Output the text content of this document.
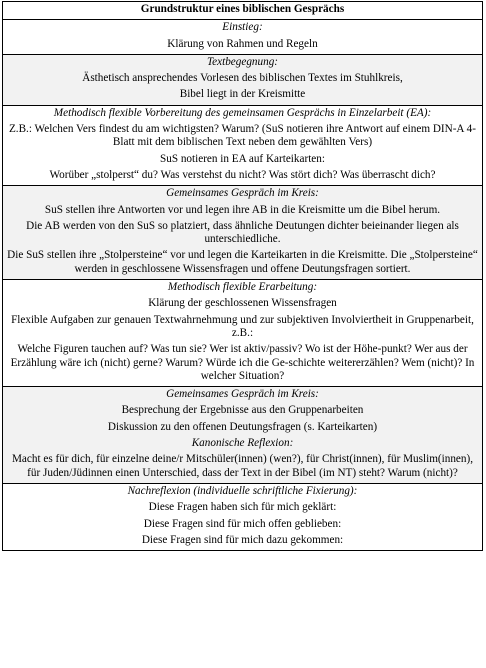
Grundstruktur eines biblischen Gesprächs

Einstieg:

Klärung von Rahmen und Regeln

Textbegegnung:

Ästhetisch ansprechendes Vorlesen des biblischen Textes im Stuhlkreis,

Bibel liegt in der Kreismitte

Methodisch flexible Vorbereitung des gemeinsamen Gesprächs in Einzelarbeit (EA):

Z.B.: Welchen Vers findest du am wichtigsten? Warum? (SuS notieren ihre Antwort auf einem DIN-A 4-Blatt mit dem biblischen Text neben dem gewählten Vers)

SuS notieren in EA auf Karteikarten:

Worüber „stolperst“ du? Was verstehst du nicht? Was stört dich? Was überrascht dich?

Gemeinsames Gespräch im Kreis:

SuS stellen ihre Antworten vor und legen ihre AB in die Kreismitte um die Bibel herum.

Die AB werden von den SuS so platziert, dass ähnliche Deutungen dichter beieinander liegen als unterschiedliche.

Die SuS stellen ihre „Stolpersteine“ vor und legen die Karteikarten in die Kreismitte. Die „Stolpersteine“ werden in geschlossene Wissensfragen und offene Deutungsfragen sortiert.

Methodisch flexible Erarbeitung:

Klärung der geschlossenen Wissensfragen

Flexible Aufgaben zur genauen Textwahrnehmung und zur subjektiven Involviertheit in Gruppenarbeit, z.B.:

Welche Figuren tauchen auf? Was tun sie? Wer ist aktiv/passiv? Wo ist der Höhe-punkt? Wer aus der Erzählung wäre ich (nicht) gerne? Warum? Würde ich die Ge-schichte weitererzählen? Wem (nicht)? In welcher Situation?

Gemeinsames Gespräch im Kreis:

Besprechung der Ergebnisse aus den Gruppenarbeiten

Diskussion zu den offenen Deutungsfragen (s. Karteikarten)

Kanonische Reflexion:

Macht es für dich, für einzelne deine/r Mitschüler(innen) (wen?), für Christ(innen), für Muslim(innen), für Juden/Jüdinnen einen Unterschied, dass der Text in der Bibel (im NT) steht? Warum (nicht)?

Nachreflexion (individuelle schriftliche Fixierung):

Diese Fragen haben sich für mich geklärt:

Diese Fragen sind für mich offen geblieben:

Diese Fragen sind für mich dazu gekommen:
